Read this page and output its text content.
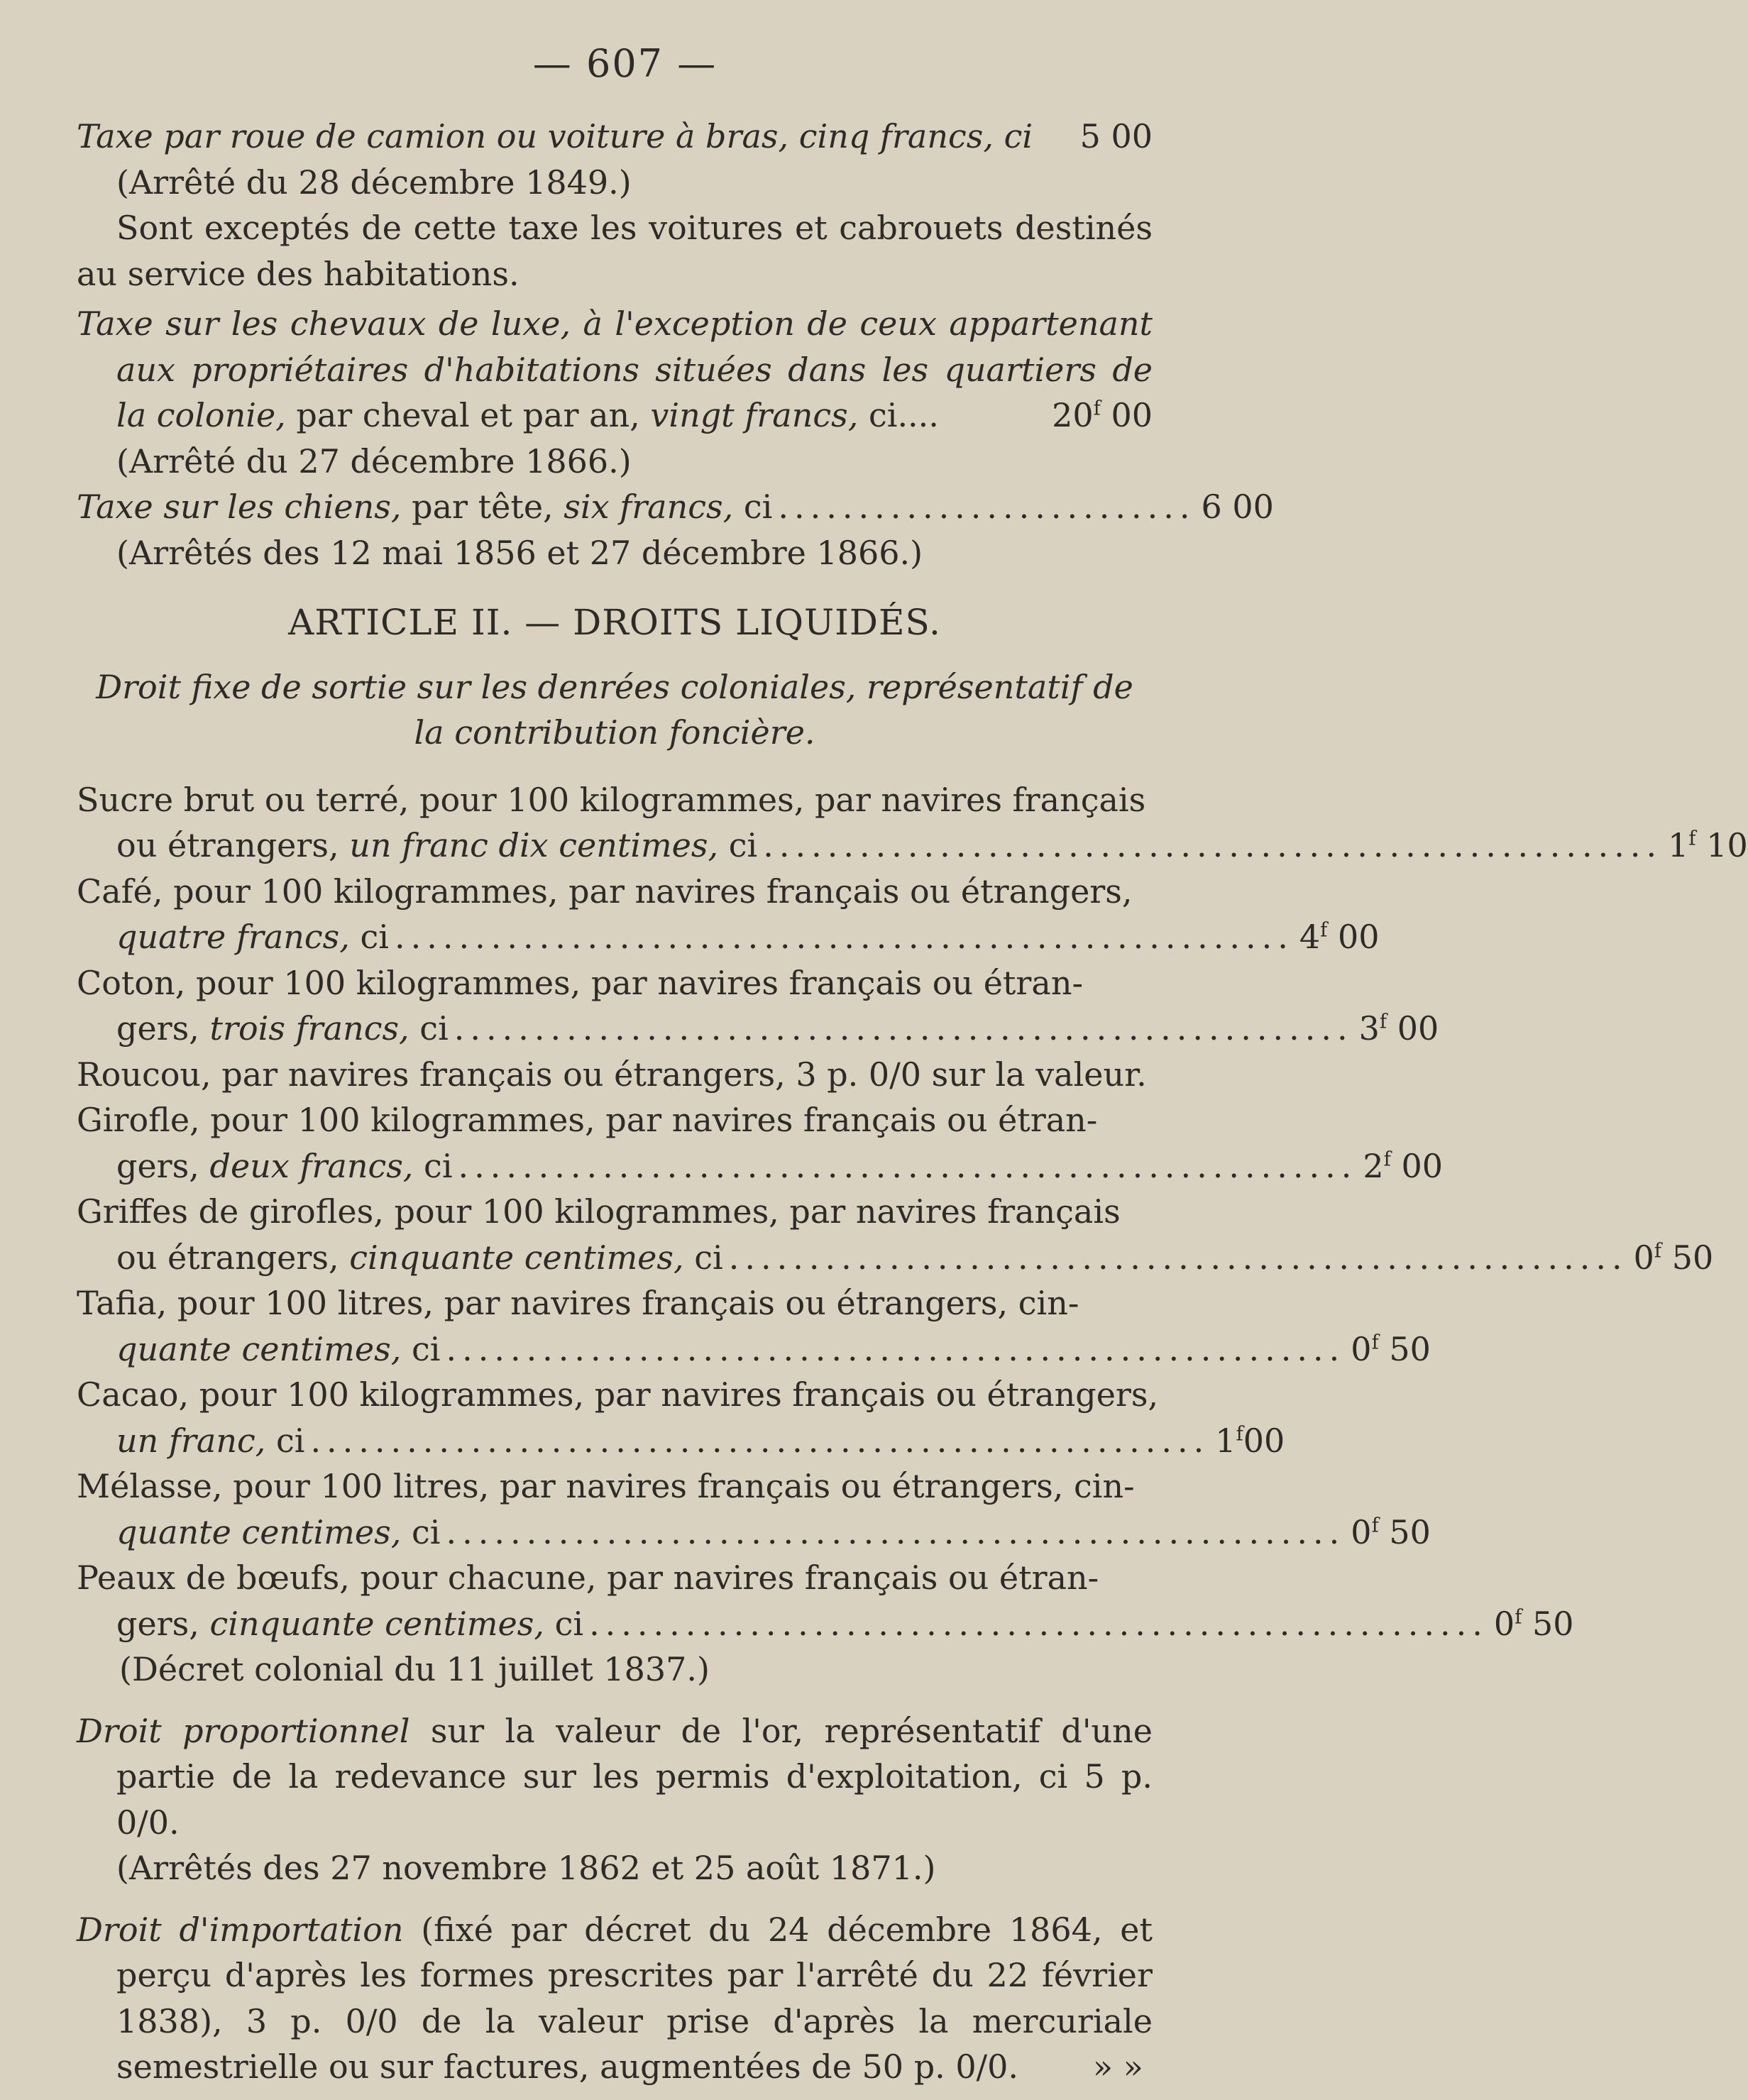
— 607 —
Taxe par roue de camion ou voiture à bras, cinq francs, ci 5 00

(Arrêté du 28 décembre 1849.)

Sont exceptés de cette taxe les voitures et cabrouets destinés au service des habitations.

Taxe sur les chevaux de luxe, à l'exception de ceux appartenant aux propriétaires d'habitations situées dans les quartiers de la colonie, par cheval et par an, vingt francs, ci....	20$^f$ 00

(Arrêté du 27 décembre 1866.)

Taxe sur les chiens, par tête, six francs, ci .......................... 6 00

(Arrêtés des 12 mai 1856 et 27 décembre 1866.)

ARTICLE II. — DROITS LIQUIDÉS.
Droit fixe de sortie sur les denrées coloniales, représentatif de la contribution foncière.
Sucre brut ou terré, pour 100 kilogrammes, par navires français
ou étrangers, un franc dix centimes, ci ........................................................ 1$^f$ 10
Café, pour 100 kilogrammes, par navires français ou étrangers,
quatre francs, ci ........................................................ 4$^f$ 00
Coton, pour 100 kilogrammes, par navires français ou étran-
gers, trois francs, ci ........................................................ 3$^f$ 00

Roucou, par navires français ou étrangers, 3 p. 0/0 sur la valeur.

Girofle, pour 100 kilogrammes, par navires français ou étran-
gers, deux francs, ci ........................................................ 2$^f$ 00
Griffes de girofles, pour 100 kilogrammes, par navires français
ou étrangers, cinquante centimes, ci ........................................................ 0$^f$ 50
Tafia, pour 100 litres, par navires français ou étrangers, cin-
quante centimes, ci ........................................................ 0$^f$ 50
Cacao, pour 100 kilogrammes, par navires français ou étrangers,
un franc, ci ........................................................ 1$^f$00
Mélasse, pour 100 litres, par navires français ou étrangers, cin-
quante centimes, ci ........................................................ 0$^f$ 50
Peaux de bœufs, pour chacune, par navires français ou étran-
gers, cinquante centimes, ci ........................................................ 0$^f$ 50

(Décret colonial du 11 juillet 1837.)

Droit proportionnel sur la valeur de l'or, représentatif d'une partie de la redevance sur les permis d'exploitation, ci 5 p. 0/0.

(Arrêtés des 27 novembre 1862 et 25 août 1871.)

Droit d'importation (fixé par décret du 24 décembre 1864, et perçu d'après les formes prescrites par l'arrêté du 22 février 1838), 3 p. 0/0 de la valeur prise d'après la mercuriale semestrielle ou sur factures, augmentées de 50 p. 0/0. » »
